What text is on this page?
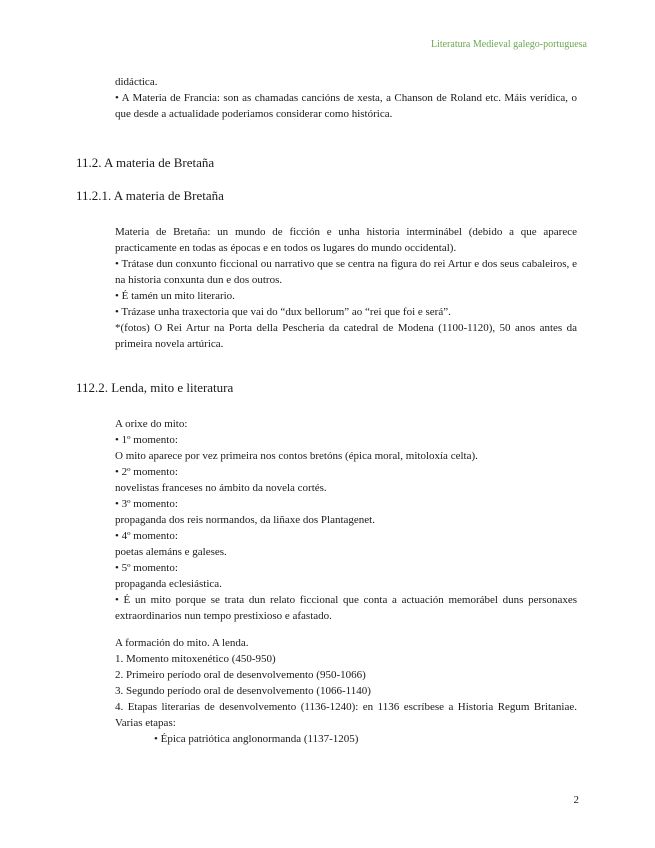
Literatura Medieval galego-portuguesa

didáctica.

• A Materia de Francia: son as chamadas cancións de xesta, a Chanson de Roland etc. Máis verídica, o que desde a actualidade poderiamos considerar como histórica.

11.2. A materia de Bretaña
11.2.1. A materia de Bretaña

Materia de Bretaña: un mundo de ficción e unha historia interminábel (debido a que aparece practicamente en todas as épocas e en todos os lugares do mundo occidental).

• Trátase dun conxunto ficcional ou narrativo que se centra na figura do rei Artur e dos seus cabaleiros, e na historia conxunta dun e dos outros.

• É tamén un mito literario.

• Trázase unha traxectoria que vai do “dux bellorum” ao “rei que foi e será”.

*(fotos) O Rei Artur na Porta della Pescheria da catedral de Modena (1100-1120), 50 anos antes da primeira novela artúrica.

112.2. Lenda, mito e literatura

A orixe do mito:

• 1º momento:

O mito aparece por vez primeira nos contos bretóns (épica moral, mitoloxía celta).

• 2º momento:

novelistas franceses no ámbito da novela cortés.

• 3º momento:

propaganda dos reis normandos, da liñaxe dos Plantagenet.

• 4º momento:

poetas alemáns e galeses.

• 5º momento:

propaganda eclesiástica.

• É un mito porque se trata dun relato ficcional que conta a actuación memorábel duns personaxes extraordinarios nun tempo prestixioso e afastado.

A formación do mito. A lenda.

1. Momento mitoxenético (450-950)

2. Primeiro período oral de desenvolvemento (950-1066)

3. Segundo período oral de desenvolvemento (1066-1140)

4. Etapas literarias de desenvolvemento (1136-1240): en 1136 escríbese a Historia Regum Britaniae. Varias etapas:

• Épica patriótica anglonormanda (1137-1205)

2
